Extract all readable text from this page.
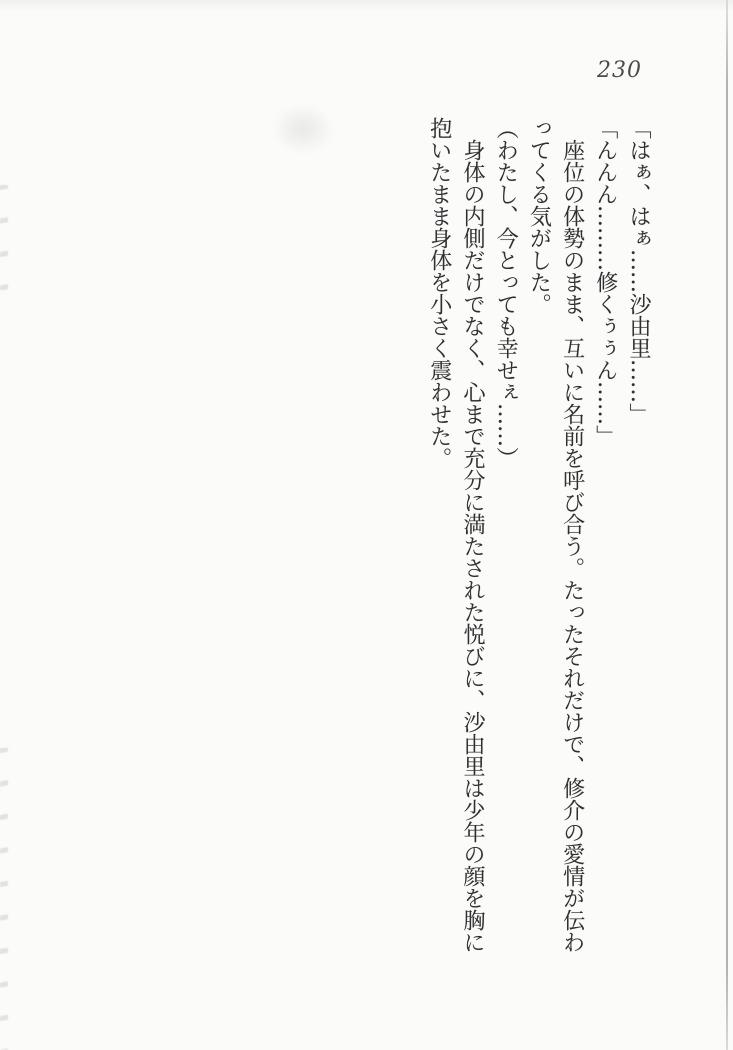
230

「はぁ、はぁ……沙由里……」

「んんん………修くぅぅん……」

　座位の体勢のまま、互いに名前を呼び合う。たったそれだけで、修介の愛情が伝わ

ってくる気がした。

（わたし、今とっても幸せぇ……）

　身体の内側だけでなく、心まで充分に満たされた悦びに、沙由里は少年の顔を胸に

抱いたまま身体を小さく震わせた。
